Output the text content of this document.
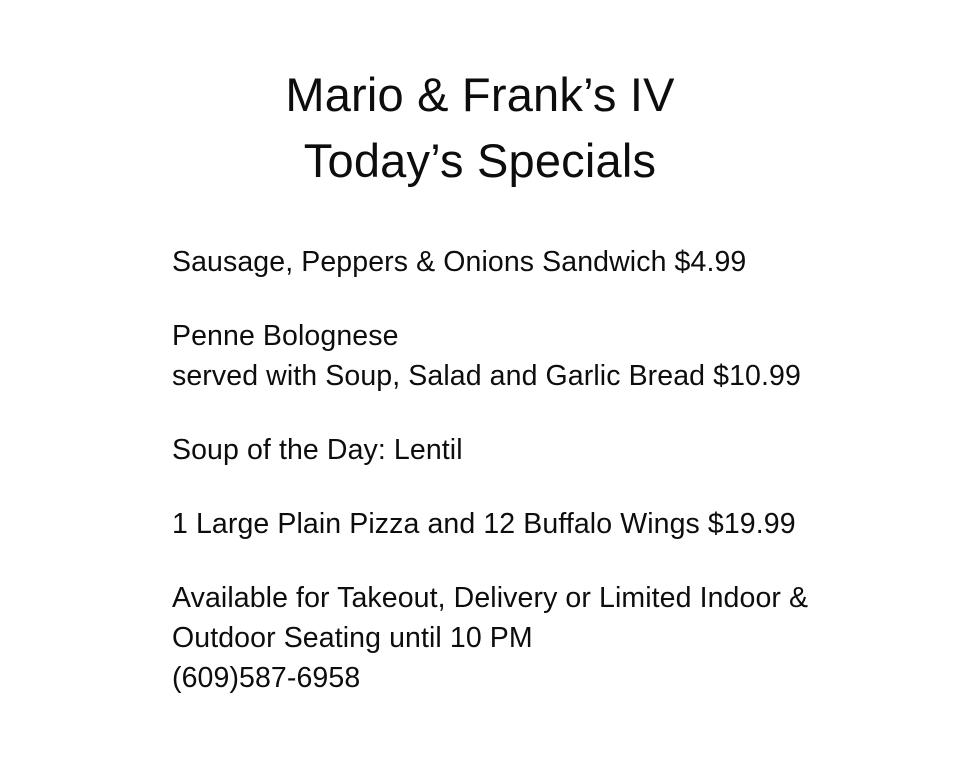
Mario & Frank’s IV
Today’s Specials
Sausage, Peppers & Onions Sandwich $4.99
Penne Bolognese
served with Soup, Salad and Garlic Bread $10.99
Soup of the Day: Lentil
1 Large Plain Pizza and 12 Buffalo Wings $19.99
Available for Takeout, Delivery or Limited Indoor &
Outdoor Seating until 10 PM
(609)587-6958
